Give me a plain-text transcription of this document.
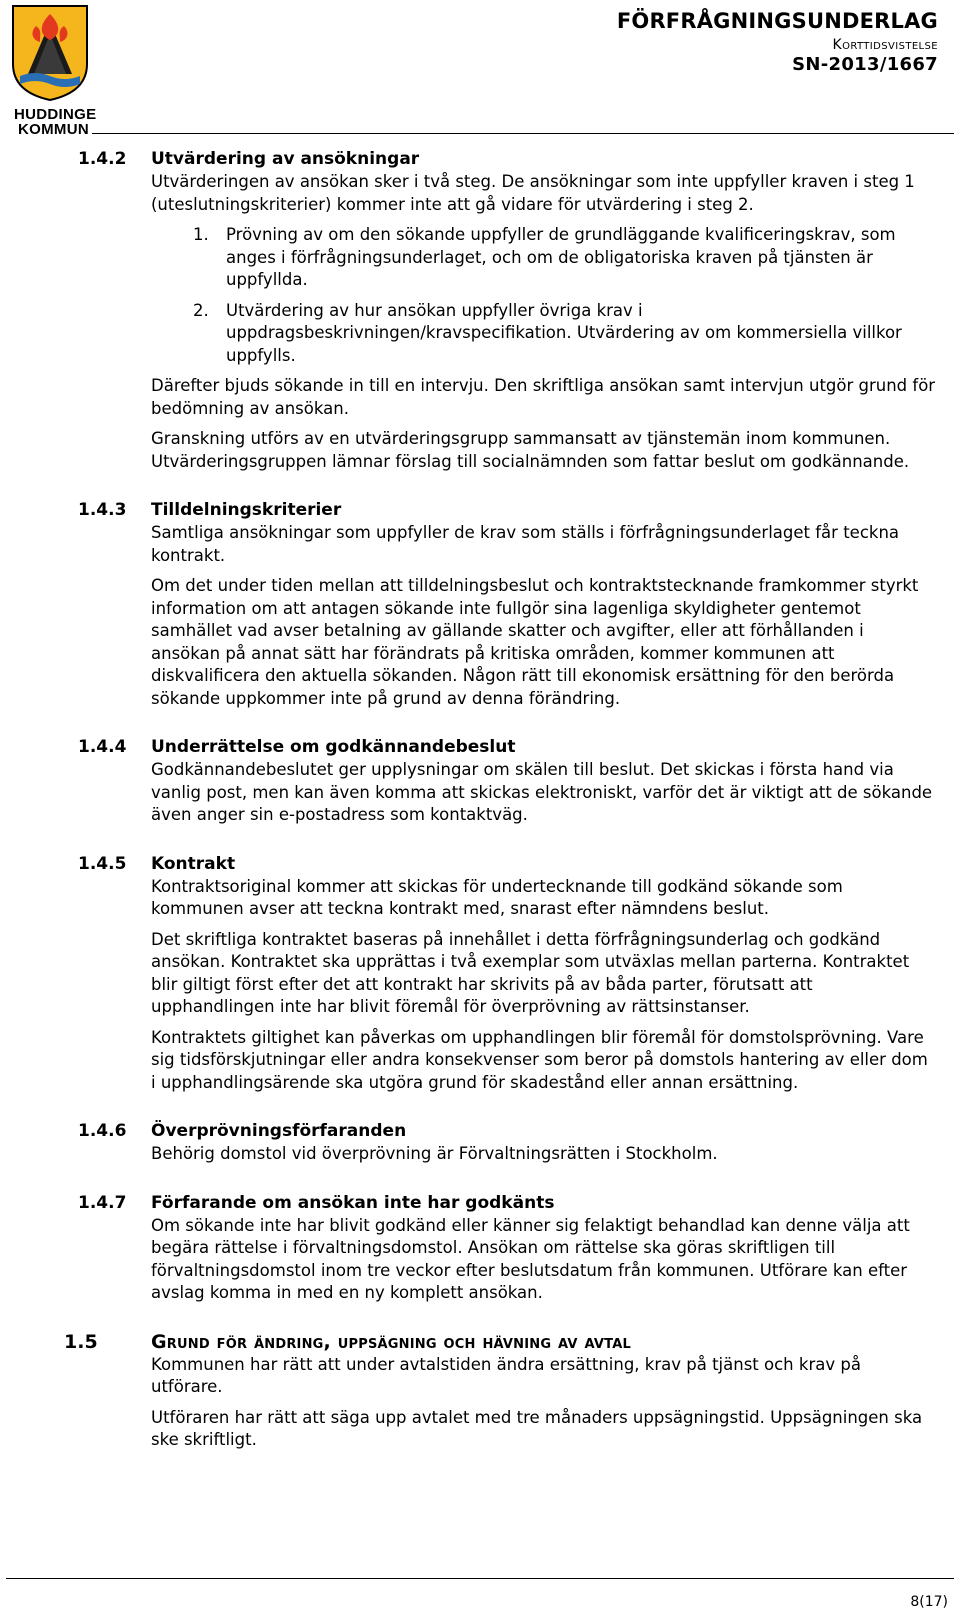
HUDDINGE
KOMMUN
FÖRFRÅGNINGSUNDERLAG
Korttidsvistelse
SN-2013/1667
1.4.2 Utvärdering av ansökningar

Utvärderingen av ansökan sker i två steg. De ansökningar som inte uppfyller kraven i steg 1 (uteslutningskriterier) kommer inte att gå vidare för utvärdering i steg 2.

1. Prövning av om den sökande uppfyller de grundläggande kvalificeringskrav, som anges i förfrågningsunderlaget, och om de obligatoriska kraven på tjänsten är uppfyllda.
2. Utvärdering av hur ansökan uppfyller övriga krav i uppdragsbeskrivningen/kravspecifikation. Utvärdering av om kommersiella villkor uppfylls.

Därefter bjuds sökande in till en intervju. Den skriftliga ansökan samt intervjun utgör grund för bedömning av ansökan.

Granskning utförs av en utvärderingsgrupp sammansatt av tjänstemän inom kommunen. Utvärderingsgruppen lämnar förslag till socialnämnden som fattar beslut om godkännande.

1.4.3 Tilldelningskriterier

Samtliga ansökningar som uppfyller de krav som ställs i förfrågningsunderlaget får teckna kontrakt.

Om det under tiden mellan att tilldelningsbeslut och kontraktstecknande framkommer styrkt information om att antagen sökande inte fullgör sina lagenliga skyldigheter gentemot samhället vad avser betalning av gällande skatter och avgifter, eller att förhållanden i ansökan på annat sätt har förändrats på kritiska områden, kommer kommunen att diskvalificera den aktuella sökanden. Någon rätt till ekonomisk ersättning för den berörda sökande uppkommer inte på grund av denna förändring.

1.4.4 Underrättelse om godkännandebeslut

Godkännandebeslutet ger upplysningar om skälen till beslut. Det skickas i första hand via vanlig post, men kan även komma att skickas elektroniskt, varför det är viktigt att de sökande även anger sin e-postadress som kontaktväg.

1.4.5 Kontrakt

Kontraktsoriginal kommer att skickas för undertecknande till godkänd sökande som kommunen avser att teckna kontrakt med, snarast efter nämndens beslut.

Det skriftliga kontraktet baseras på innehållet i detta förfrågningsunderlag och godkänd ansökan. Kontraktet ska upprättas i två exemplar som utväxlas mellan parterna. Kontraktet blir giltigt först efter det att kontrakt har skrivits på av båda parter, förutsatt att upphandlingen inte har blivit föremål för överprövning av rättsinstanser.

Kontraktets giltighet kan påverkas om upphandlingen blir föremål för domstolsprövning. Vare sig tidsförskjutningar eller andra konsekvenser som beror på domstols hantering av eller dom i upphandlingsärende ska utgöra grund för skadestånd eller annan ersättning.

1.4.6 Överprövningsförfaranden

Behörig domstol vid överprövning är Förvaltningsrätten i Stockholm.

1.4.7 Förfarande om ansökan inte har godkänts

Om sökande inte har blivit godkänd eller känner sig felaktigt behandlad kan denne välja att begära rättelse i förvaltningsdomstol. Ansökan om rättelse ska göras skriftligen till förvaltningsdomstol inom tre veckor efter beslutsdatum från kommunen. Utförare kan efter avslag komma in med en ny komplett ansökan.

1.5	Grund för ändring, uppsägning och hävning av avtal

Kommunen har rätt att under avtalstiden ändra ersättning, krav på tjänst och krav på utförare.

Utföraren har rätt att säga upp avtalet med tre månaders uppsägningstid. Uppsägningen ska ske skriftligt.

8(17)
